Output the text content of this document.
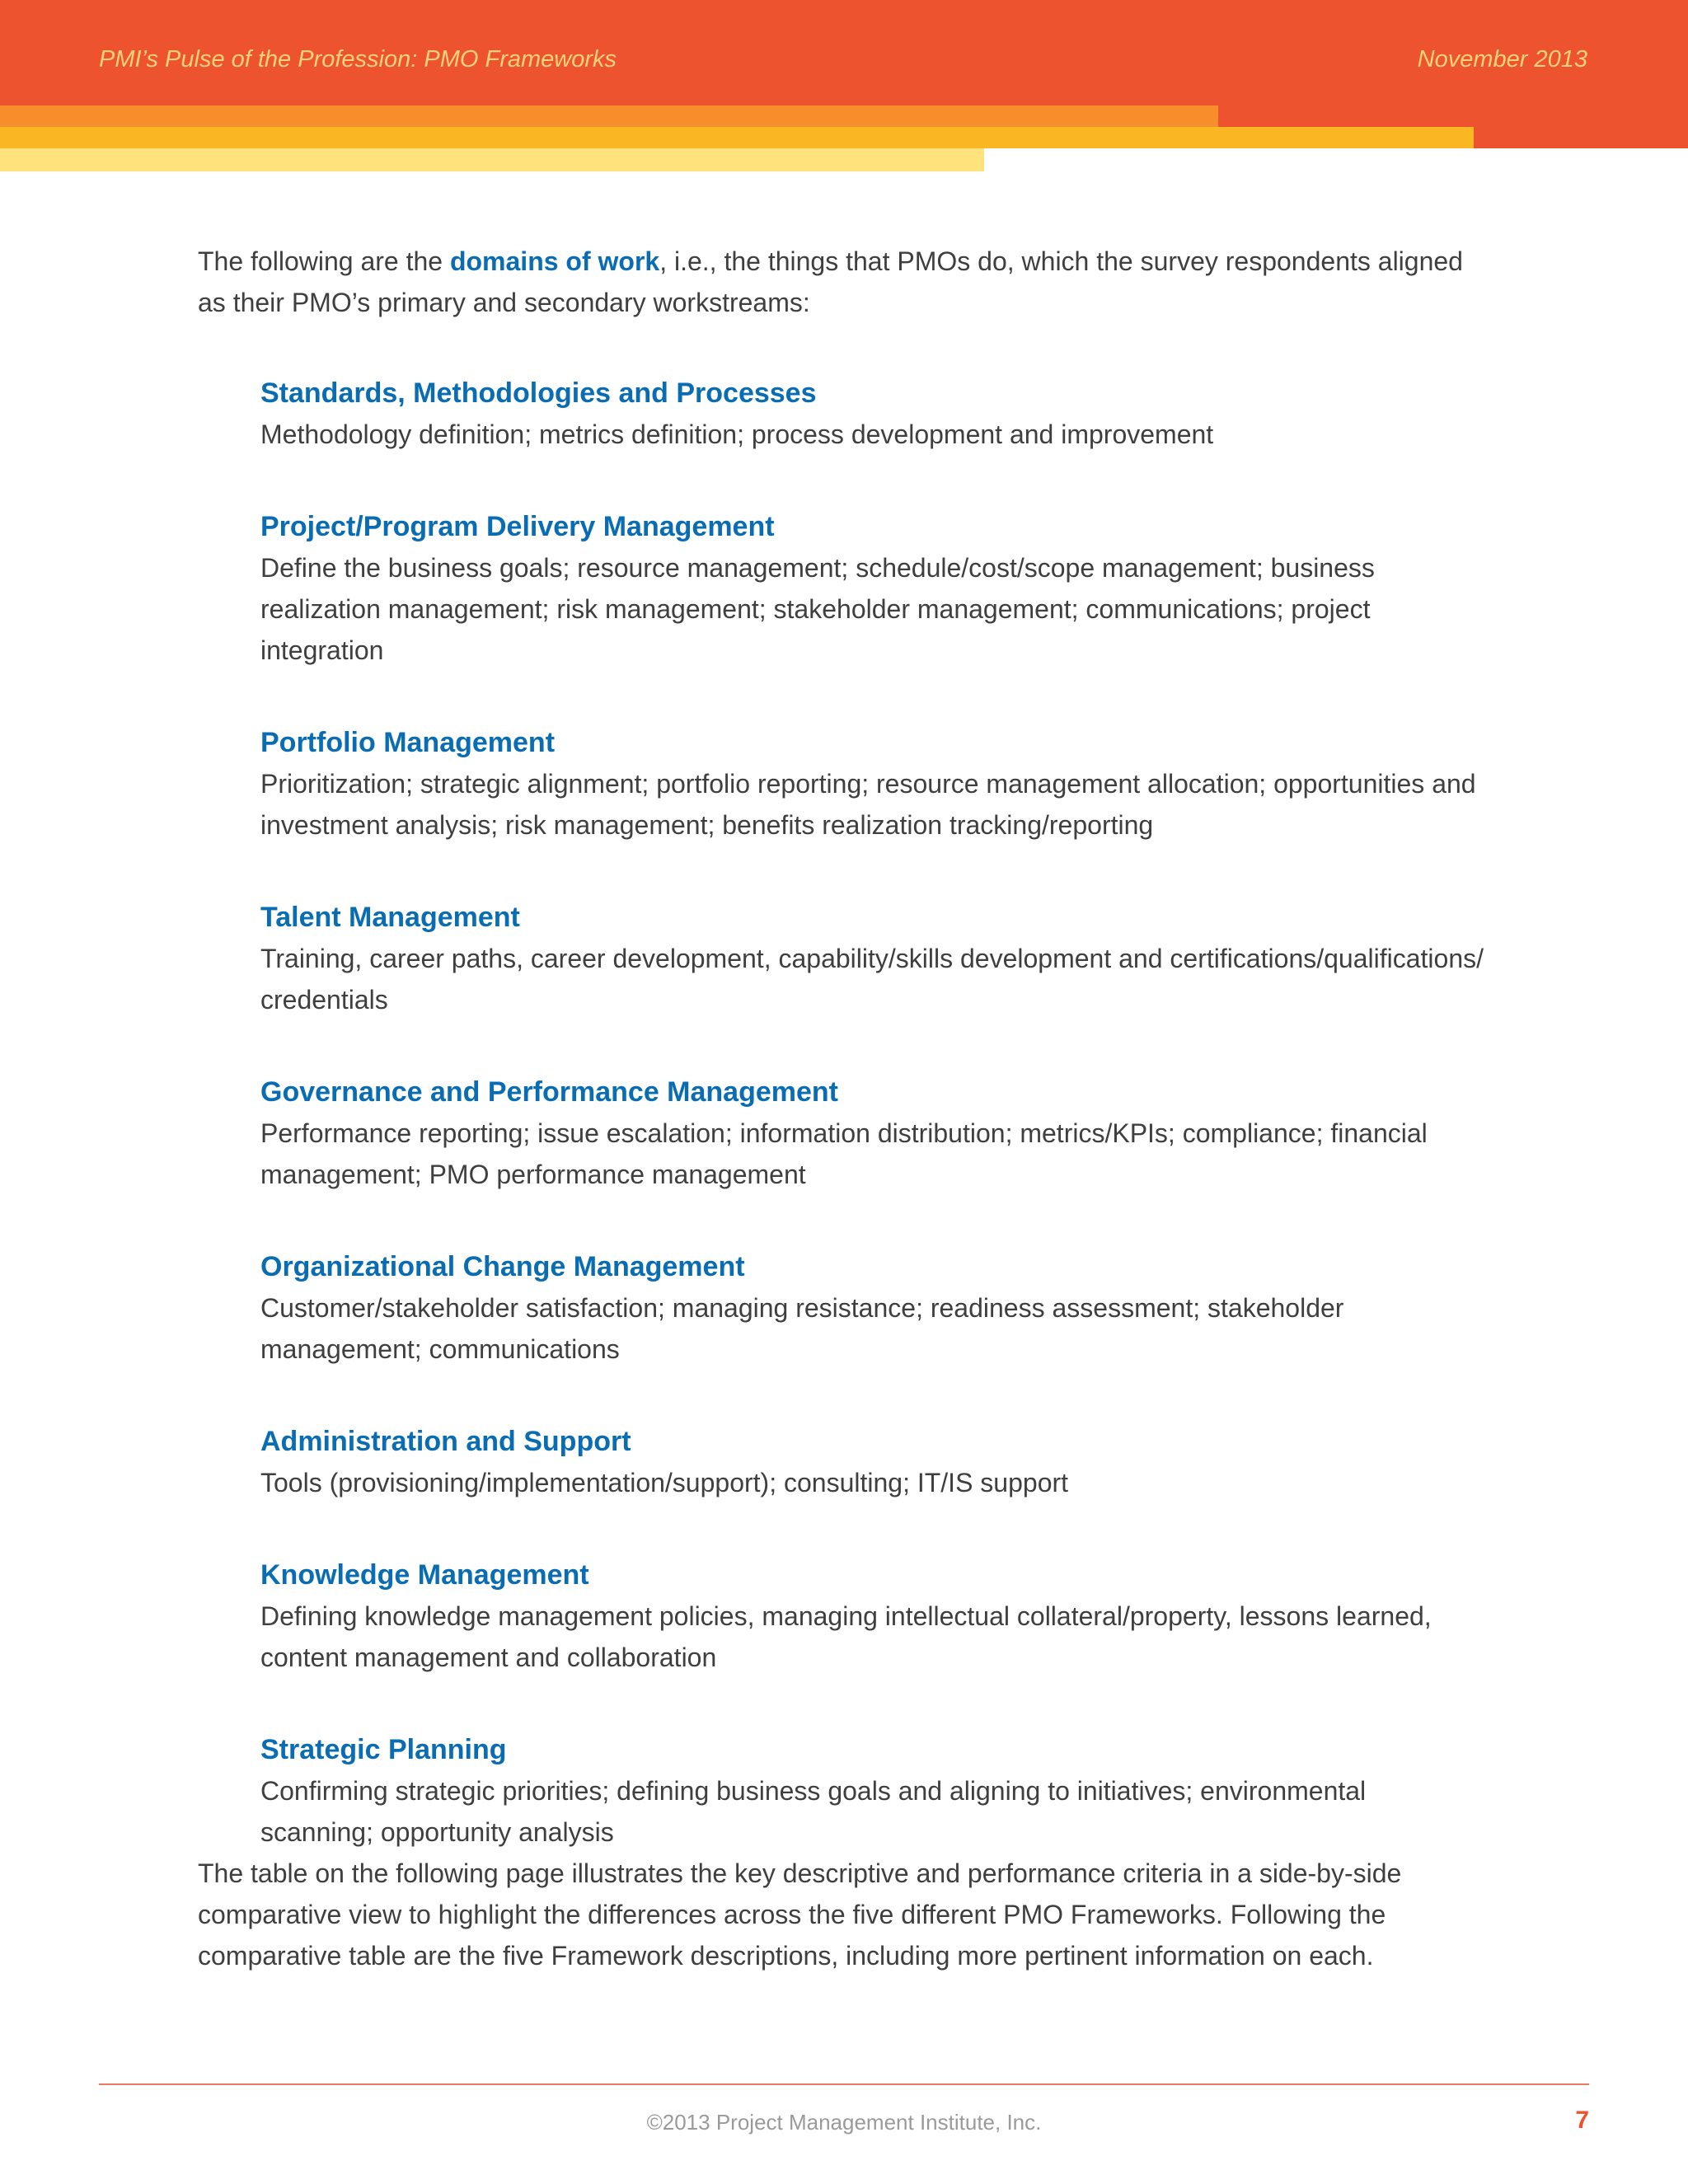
PMI’s Pulse of the Profession: PMO Frameworks	November 2013

The following are the domains of work, i.e., the things that PMOs do, which the survey respondents aligned as their PMO’s primary and secondary workstreams:

Standards, Methodologies and Processes
Methodology definition; metrics definition; process development and improvement
Project/Program Delivery Management
Define the business goals; resource management; schedule/cost/scope management; business realization management; risk management; stakeholder management; communications; project integration
Portfolio Management
Prioritization; strategic alignment; portfolio reporting; resource management allocation; opportunities and investment analysis; risk management; benefits realization tracking/reporting
Talent Management
Training, career paths, career development, capability/skills development and certifications/qualifications/ credentials
Governance and Performance Management
Performance reporting; issue escalation; information distribution; metrics/KPIs; compliance; financial management; PMO performance management
Organizational Change Management
Customer/stakeholder satisfaction; managing resistance; readiness assessment; stakeholder management; communications
Administration and Support
Tools (provisioning/implementation/support); consulting; IT/IS support
Knowledge Management
Defining knowledge management policies, managing intellectual collateral/property, lessons learned, content management and collaboration
Strategic Planning
Confirming strategic priorities; defining business goals and aligning to initiatives; environmental scanning; opportunity analysis

The table on the following page illustrates the key descriptive and performance criteria in a side-by-side comparative view to highlight the differences across the five different PMO Frameworks. Following the comparative table are the five Framework descriptions, including more pertinent information on each.

©2013 Project Management Institute, Inc.	7
